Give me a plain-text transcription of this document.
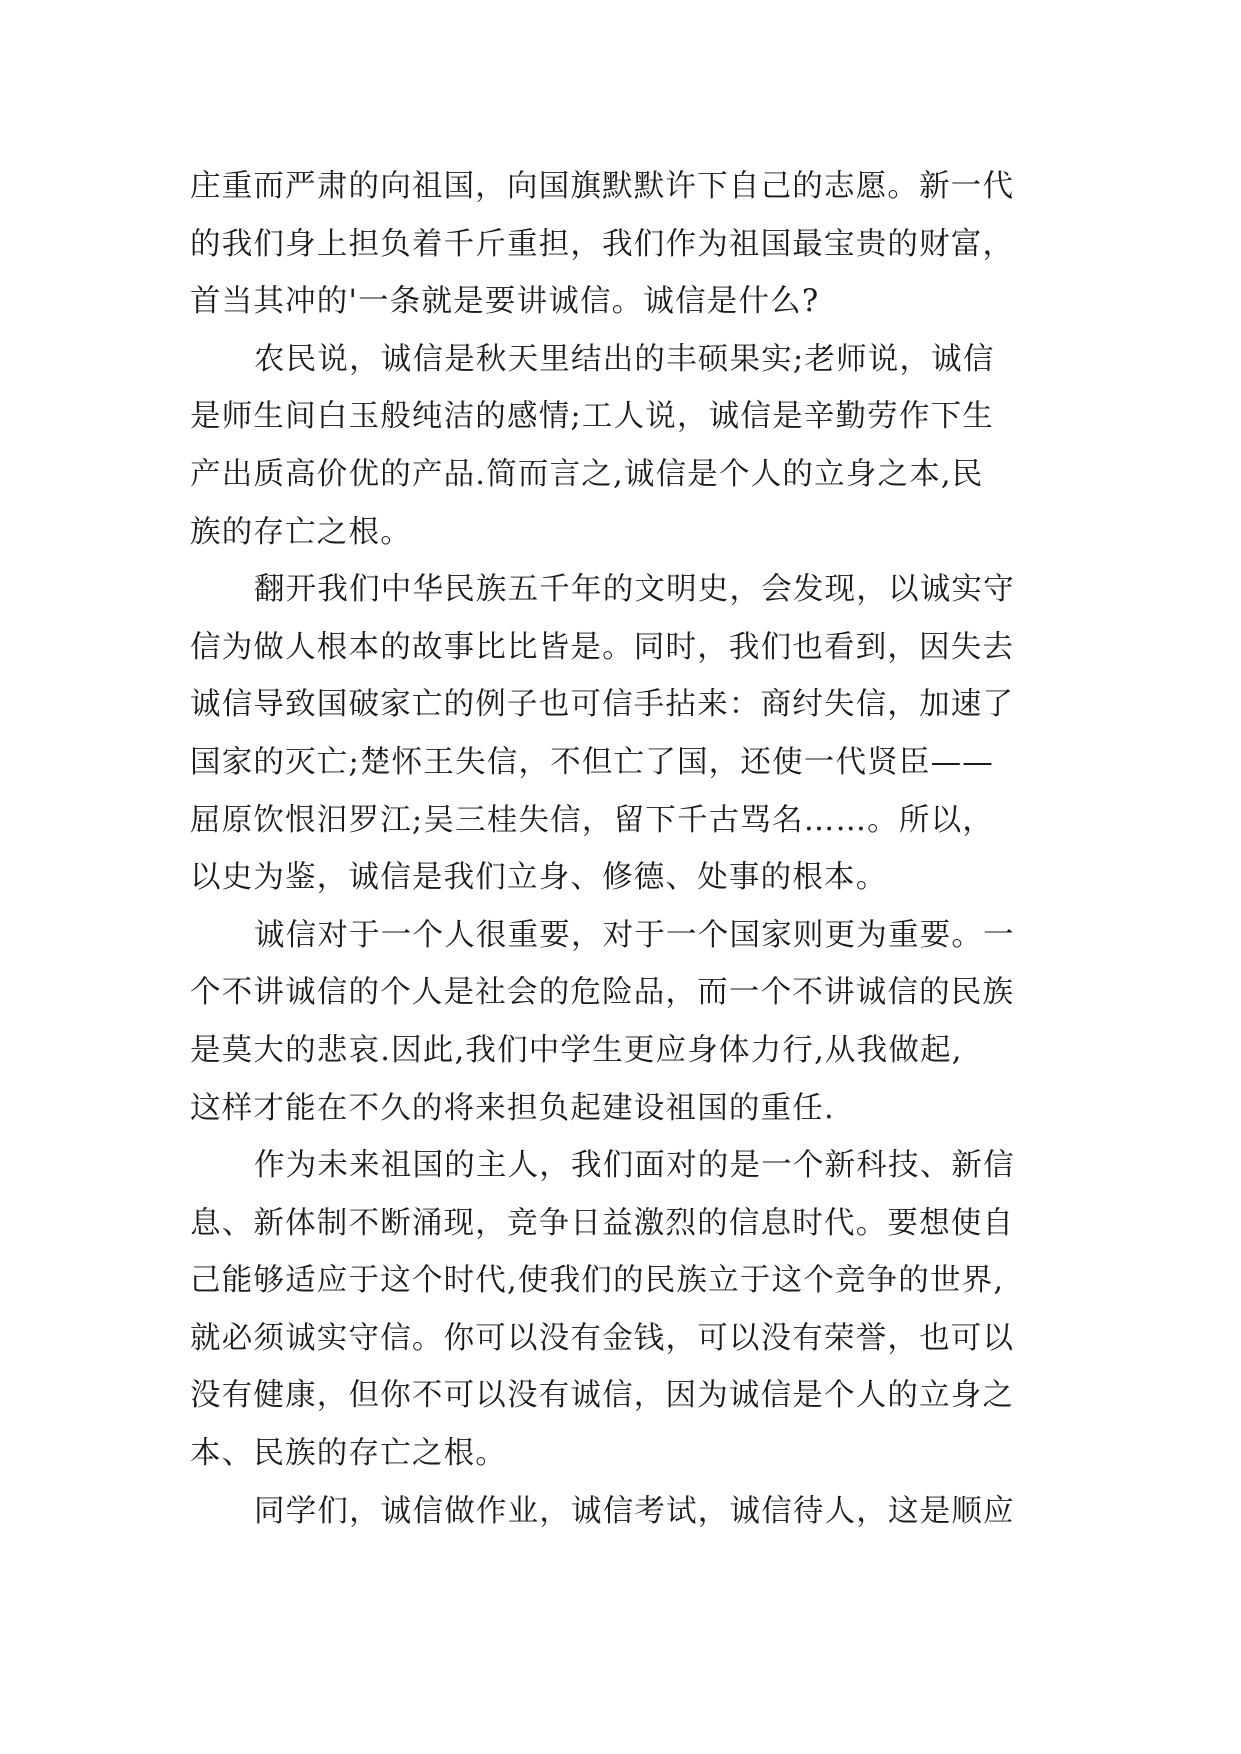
庄重而严肃的向祖国，向国旗默默许下自己的志愿。新一代
的我们身上担负着千斤重担，我们作为祖国最宝贵的财富，
首当其冲的'一条就是要讲诚信。诚信是什么?
农民说，诚信是秋天里结出的丰硕果实;老师说，诚信
是师生间白玉般纯洁的感情;工人说，诚信是辛勤劳作下生
产出质高价优的产品.简而言之,诚信是个人的立身之本,民
族的存亡之根。
翻开我们中华民族五千年的文明史，会发现，以诚实守
信为做人根本的故事比比皆是。同时，我们也看到，因失去
诚信导致国破家亡的例子也可信手拈来：商纣失信，加速了
国家的灭亡;楚怀王失信，不但亡了国，还使一代贤臣——
屈原饮恨汨罗江;吴三桂失信，留下千古骂名……。所以，
以史为鉴，诚信是我们立身、修德、处事的根本。
诚信对于一个人很重要，对于一个国家则更为重要。一
个不讲诚信的个人是社会的危险品，而一个不讲诚信的民族
是莫大的悲哀.因此,我们中学生更应身体力行,从我做起,
这样才能在不久的将来担负起建设祖国的重任.
作为未来祖国的主人，我们面对的是一个新科技、新信
息、新体制不断涌现，竞争日益激烈的信息时代。要想使自
己能够适应于这个时代,使我们的民族立于这个竞争的世界,
就必须诚实守信。你可以没有金钱，可以没有荣誉，也可以
没有健康，但你不可以没有诚信，因为诚信是个人的立身之
本、民族的存亡之根。
同学们，诚信做作业，诚信考试，诚信待人，这是顺应
